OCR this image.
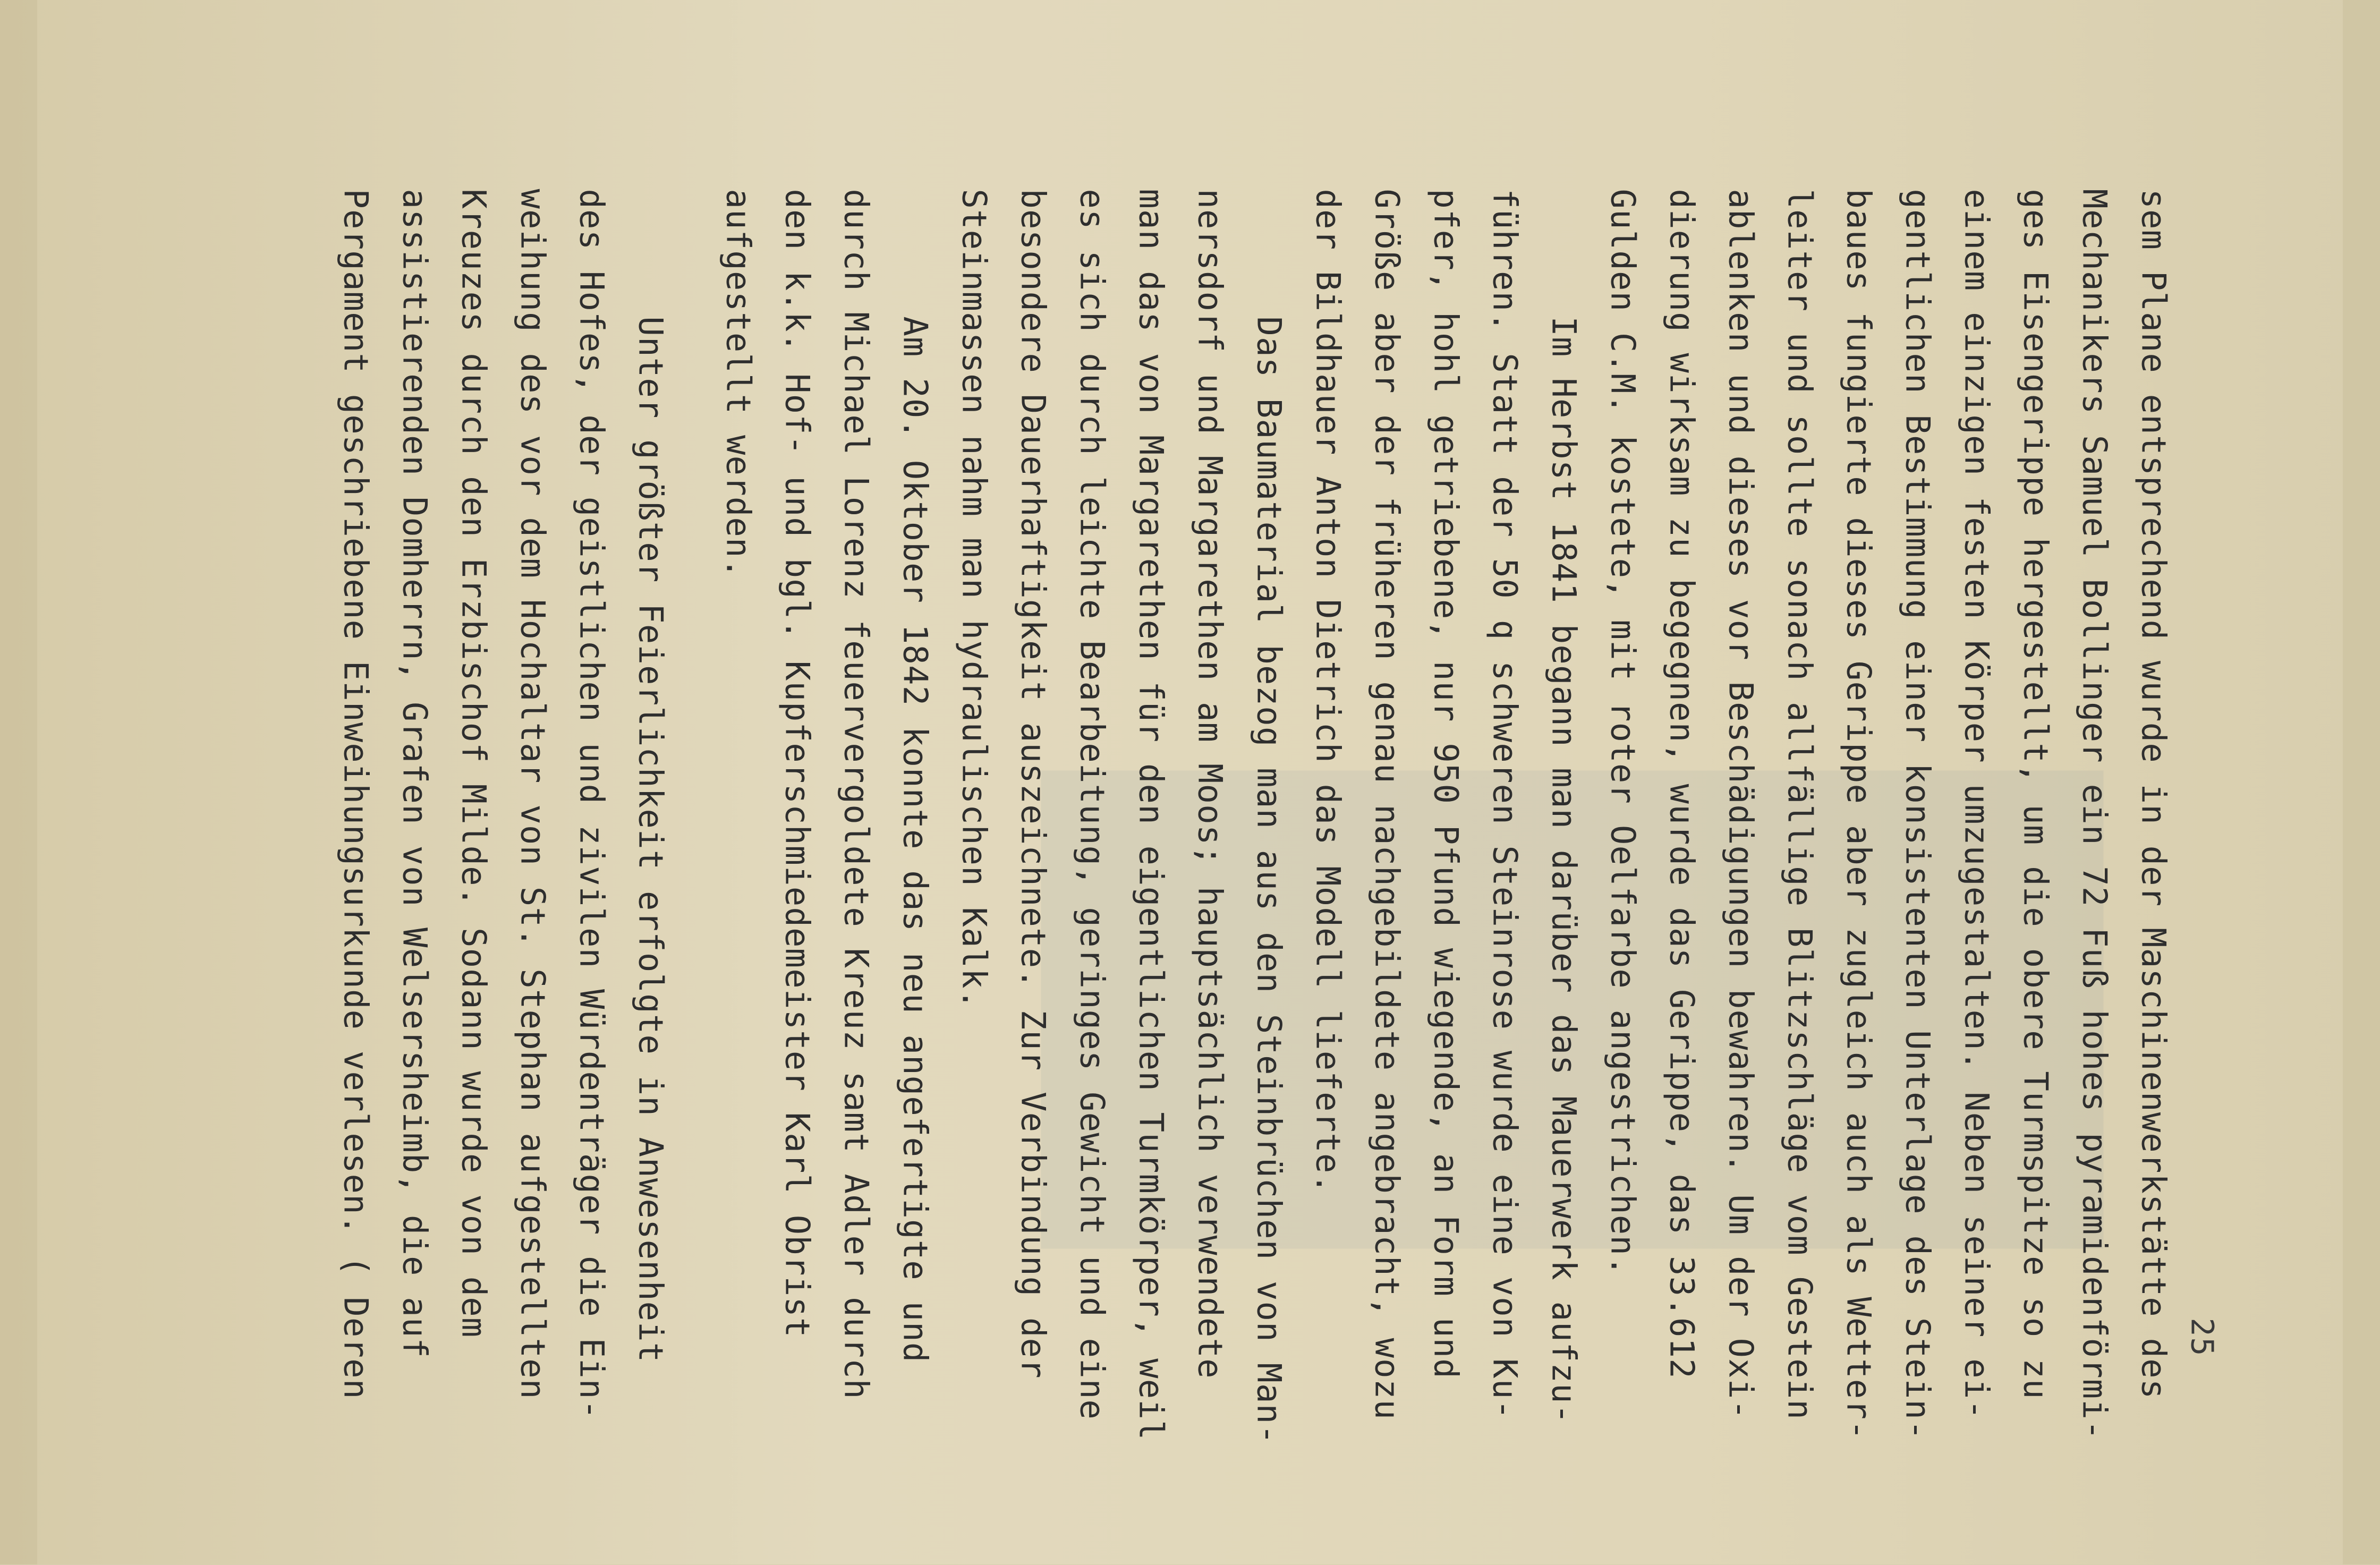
25
sem Plane entsprechend wurde in der Maschinenwerkstätte des
Mechanikers Samuel Bollinger ein 72 Fuß hohes pyramidenförmi-
ges Eisengerippe hergestellt, um die obere Turmspitze so zu
einem einzigen festen Körper umzugestalten. Neben seiner ei-
gentlichen Bestimmung einer konsistenten Unterlage des Stein-
baues fungierte dieses Gerippe aber zugleich auch als Wetter-
leiter und sollte sonach allfällige Blitzschläge vom Gestein
ablenken und dieses vor Beschädigungen bewahren. Um der Oxi-
dierung wirksam zu begegnen, wurde das Gerippe, das 33.612
Gulden C.M. kostete, mit roter Oelfarbe angestrichen.
Im Herbst 1841 begann man darüber das Mauerwerk aufzu-
führen. Statt der 50 q schweren Steinrose wurde eine von Ku-
pfer, hohl getriebene, nur 950 Pfund wiegende, an Form und
Größe aber der früheren genau nachgebildete angebracht, wozu
der Bildhauer Anton Dietrich das Modell lieferte.
Das Baumaterial bezog man aus den Steinbrüchen von Man-
nersdorf und Margarethen am Moos; hauptsächlich verwendete
man das von Margarethen für den eigentlichen Turmkörper, weil
es sich durch leichte Bearbeitung, geringes Gewicht und eine
besondere Dauerhaftigkeit auszeichnete. Zur Verbindung der
Steinmassen nahm man hydraulischen Kalk.
Am 20. Oktober 1842 konnte das neu angefertigte und
durch Michael Lorenz feuervergoldete Kreuz samt Adler durch
den k.k. Hof- und bgl. Kupferschmiedemeister Karl Obrist
aufgestellt werden.
Unter größter Feierlichkeit erfolgte in Anwesenheit
des Hofes, der geistlichen und zivilen Würdenträger die Ein-
weihung des vor dem Hochaltar von St. Stephan aufgestellten
Kreuzes durch den Erzbischof Milde. Sodann wurde von dem
assistierenden Domherrn, Grafen von Welsersheimb, die auf
Pergament geschriebene Einweihungsurkunde verlesen. ( Deren
